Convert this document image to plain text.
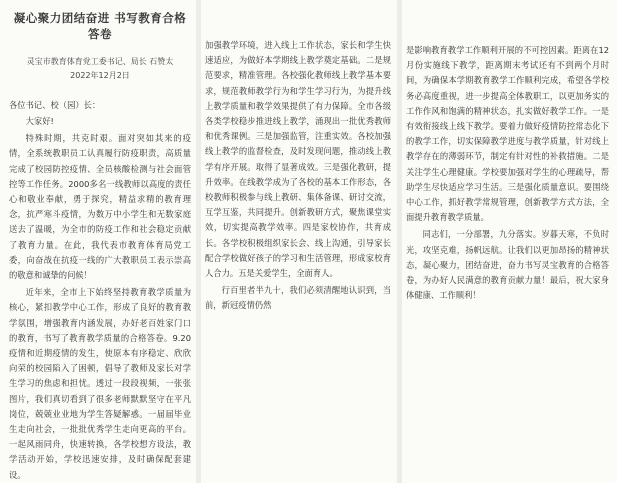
凝心聚力团结奋进 书写教育合格答卷
灵宝市教育体育党工委书记、局长 石赞太
2022年12月2日
各位书记、校（园）长：
大家好!
特殊时期，共克时艰。面对突如其来的疫情，全系统教职员工认真履行防疫职责，高质量完成了校园防控疫情、全员核酸检测与社会面管控等工作任务。2000多名一线教师以高度的责任心和敬业奉献，勇于探究，精益求精的教育理念，抗严寒斗疫情，为数万中小学生和无数家庭送去了温暖，为全市的防疫工作和社会稳定贡献了教育力量。在此，我代表市教育体育局党工委，向奋战在抗疫一线的广大教职员工表示崇高的敬意和诚挚的问候！
近年来，全市上下始终坚持教育教学质量为核心，紧扣教学中心工作，形成了良好的教育教学氛围，增强教育内涵发展，办好老百姓家门口的教育，书写了教育教学质量的合格答卷。9.20疫情和近期疫情的发生，使原本有序稳定、欣欣向荣的校园陷入了困顿，倡导了教师及家长对学生学习的焦虑和担忧。透过一段段视频，一张张图片，我们真切看到了很多老师默默坚守在平凡岗位，兢兢业业地为学生答疑解惑。一届届毕业生走向社会，一批批优秀学生走向更高的平台。一起风雨同舟，快速转换，各学校想方设法，教学活动开始，学校迅速安排，及时确保配套建设。
加强教学环境，进入线上工作状态，家长和学生快速适应，为做好本学期线上教学奠定基础。二是规范要求，精准管理。各校强化教师线上教学基本要求，规范教师教学行为和学生学习行为，为提升线上教学质量和教学效果提供了有力保障。全市各级各类学校稳步推进线上教学，涌现出一批优秀教师和优秀课例。三是加强监管，注重实效。各校加强线上教学的监督检查，及时发现问题，推动线上教学有序开展。取得了显著成效。三是强化教研，提升效率。在线教学成为了各校的基本工作形态，各校教师积极参与线上教研、集体备课、研讨交流，互学互鉴，共同提升。创新教研方式，聚焦课堂实效，切实提高教学效率。四是家校协作，共育成长。各学校积极组织家长会、线上沟通，引导家长配合学校做好孩子的学习和生活管理，形成家校育人合力。五是关爱学生，全面育人。
行百里者半九十，我们必须清醒地认识到，当前，新冠疫情仍然
是影响教育教学工作顺利开展的不可控因素。距离在12月份实施线下教学，距离期末考试还有不到两个月时间，为确保本学期教育教学工作顺利完成，希望各学校务必高度重视，进一步提高全体教职工，以更加务实的工作作风和饱满的精神状态，扎实做好教学工作。一是有效衔接线上线下教学。要着力做好疫情防控常态化下的教学工作，切实保障教学进度与教学质量，针对线上教学存在的薄弱环节，制定有针对性的补救措施。二是关注学生心理健康。学校要加强对学生的心理疏导，帮助学生尽快适应学习生活。三是强化质量意识。要围绕中心工作，抓好教学常规管理，创新教学方式方法，全面提升教育教学质量。
同志们，一分部署，九分落实。岁暮天寒，不负时光，攻坚克难，扬帆远航。让我们以更加昂扬的精神状态，凝心聚力，团结奋进，奋力书写灵宝教育的合格答卷，为办好人民满意的教育贡献力量！最后，祝大家身体健康、工作顺利！
